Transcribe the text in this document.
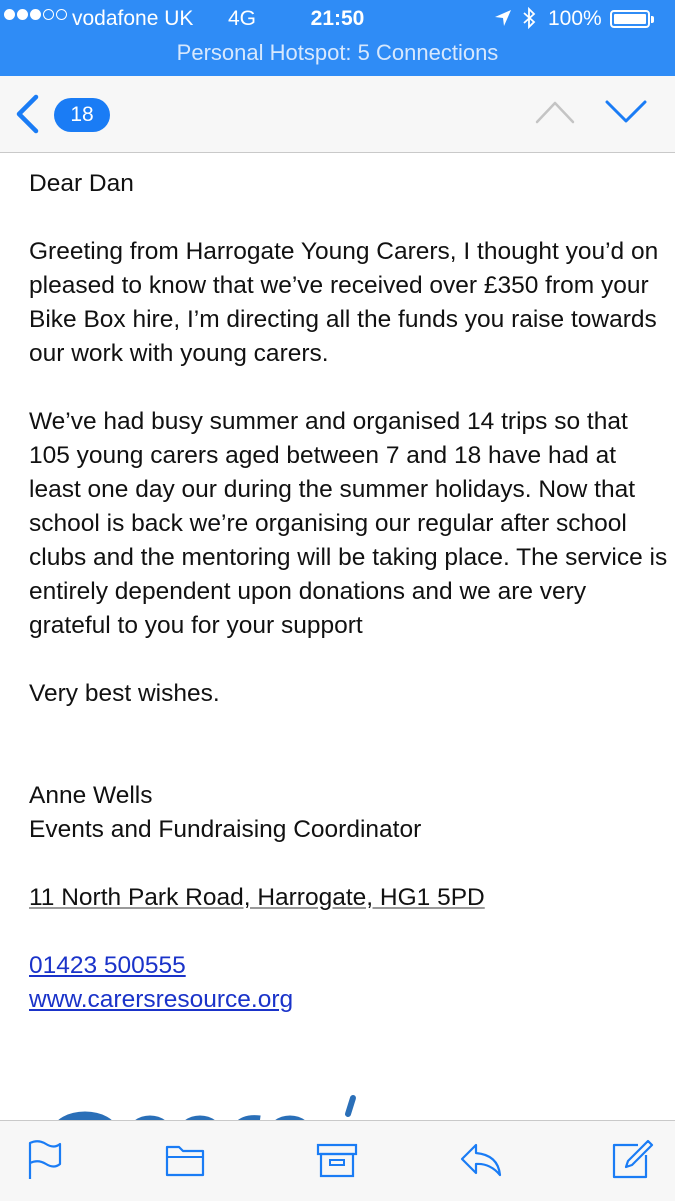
vodafone UK 4G	21:50	100%
Personal Hotspot: 5 Connections
18

Dear Dan

Greeting from Harrogate Young Carers, I thought you’d on pleased to know that we’ve received over £350 from your Bike Box hire, I’m directing all the funds you raise towards our work with young carers.

We’ve had busy summer and organised 14 trips so that 105 young carers aged between 7 and 18 have had at least one day our during the summer holidays. Now that school is back we’re organising our regular after school clubs and the mentoring will be taking place. The service is entirely dependent upon donations and we are very grateful to you for your support

Very best wishes.

Anne Wells

Events and Fundraising Coordinator

11 North Park Road, Harrogate, HG1 5PD

01423 500555

www.carersresource.org
